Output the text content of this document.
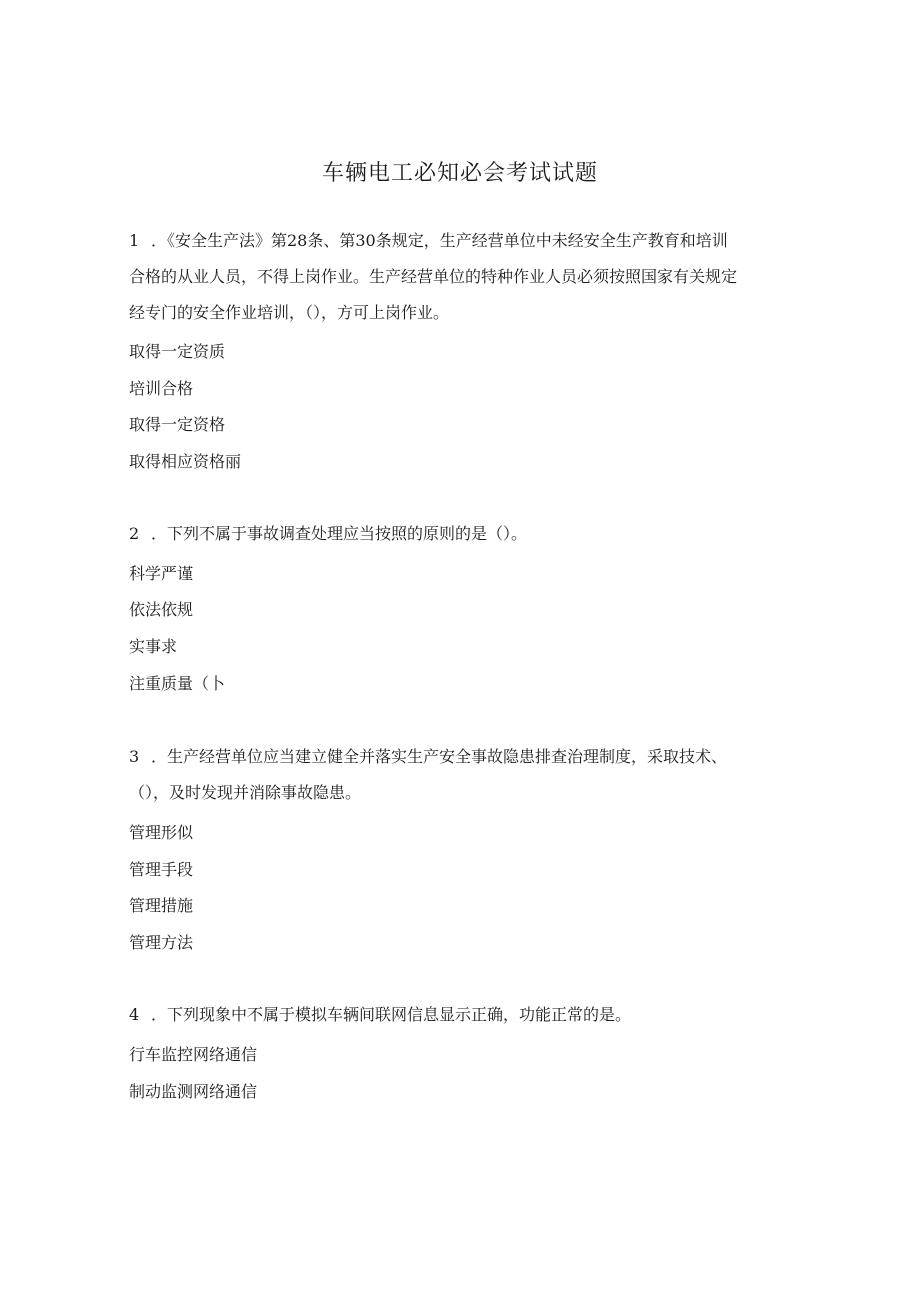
车辆电工必知必会考试试题
1 ．《安全生产法》第28条、第30条规定，生产经营单位中未经安全生产教育和培训
合格的从业人员，不得上岗作业。生产经营单位的特种作业人员必须按照国家有关规定
经专门的安全作业培训，（），方可上岗作业。
取得一定资质
培训合格
取得一定资格
取得相应资格丽
2 ．下列不属于事故调查处理应当按照的原则的是（）。
科学严谨
依法依规
实事求
注重质量（卜
3 ．生产经营单位应当建立健全并落实生产安全事故隐患排查治理制度，采取技术、
（），及时发现并消除事故隐患。
管理形似
管理手段
管理措施
管理方法
4 ．下列现象中不属于模拟车辆间联网信息显示正确，功能正常的是。
行车监控网络通信
制动监测网络通信
